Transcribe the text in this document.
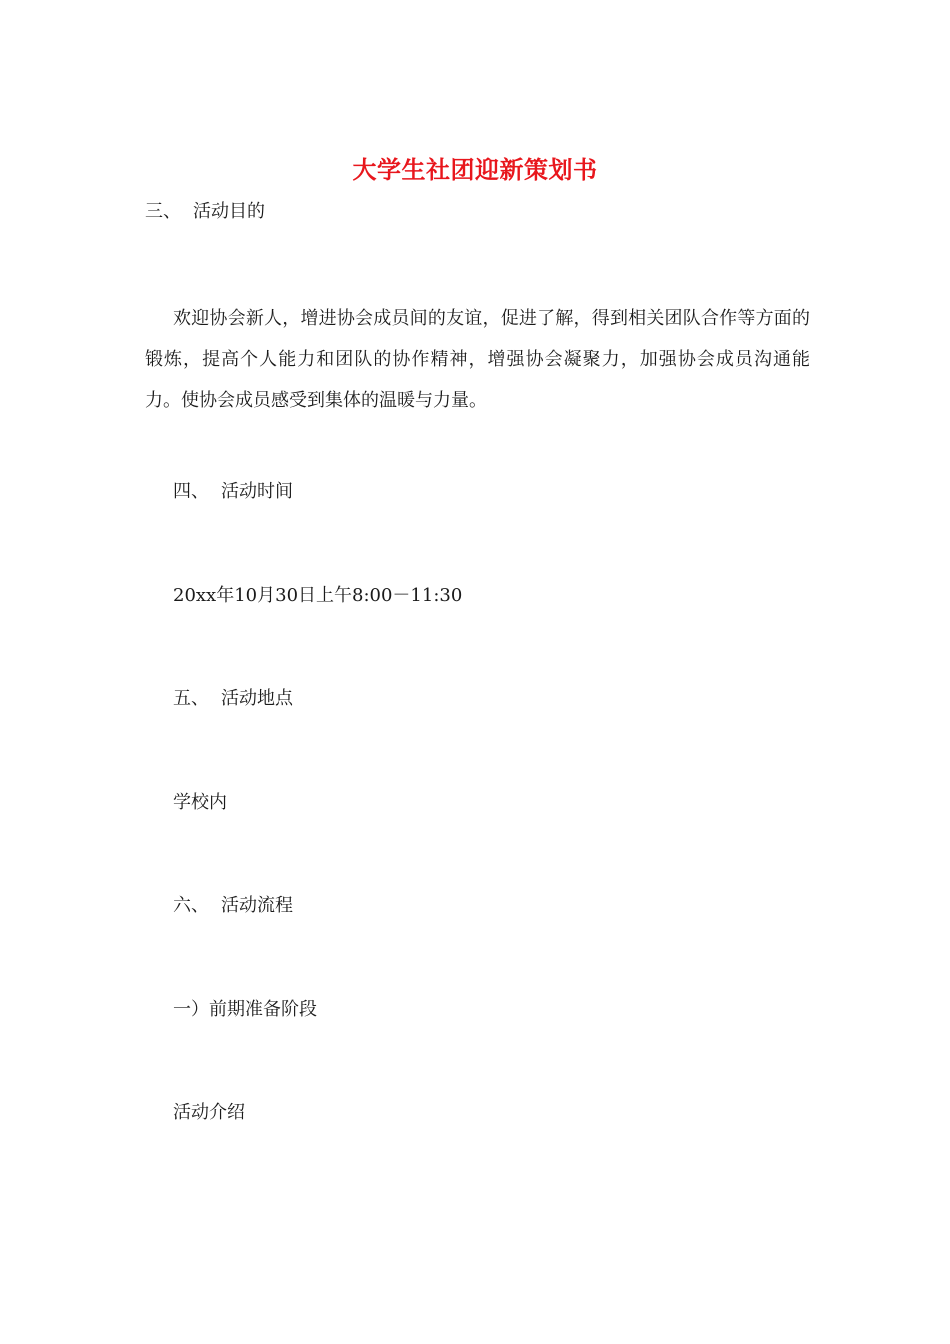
大学生社团迎新策划书
三、 活动目的
欢迎协会新人，增进协会成员间的友谊，促进了解，得到相关团队合作等方面的锻炼，提高个人能力和团队的协作精神，增强协会凝聚力，加强协会成员沟通能力。使协会成员感受到集体的温暖与力量。
四、 活动时间
20xx年10月30日上午8:00－11:30
五、 活动地点
学校内
六、 活动流程
一）前期准备阶段
活动介绍
